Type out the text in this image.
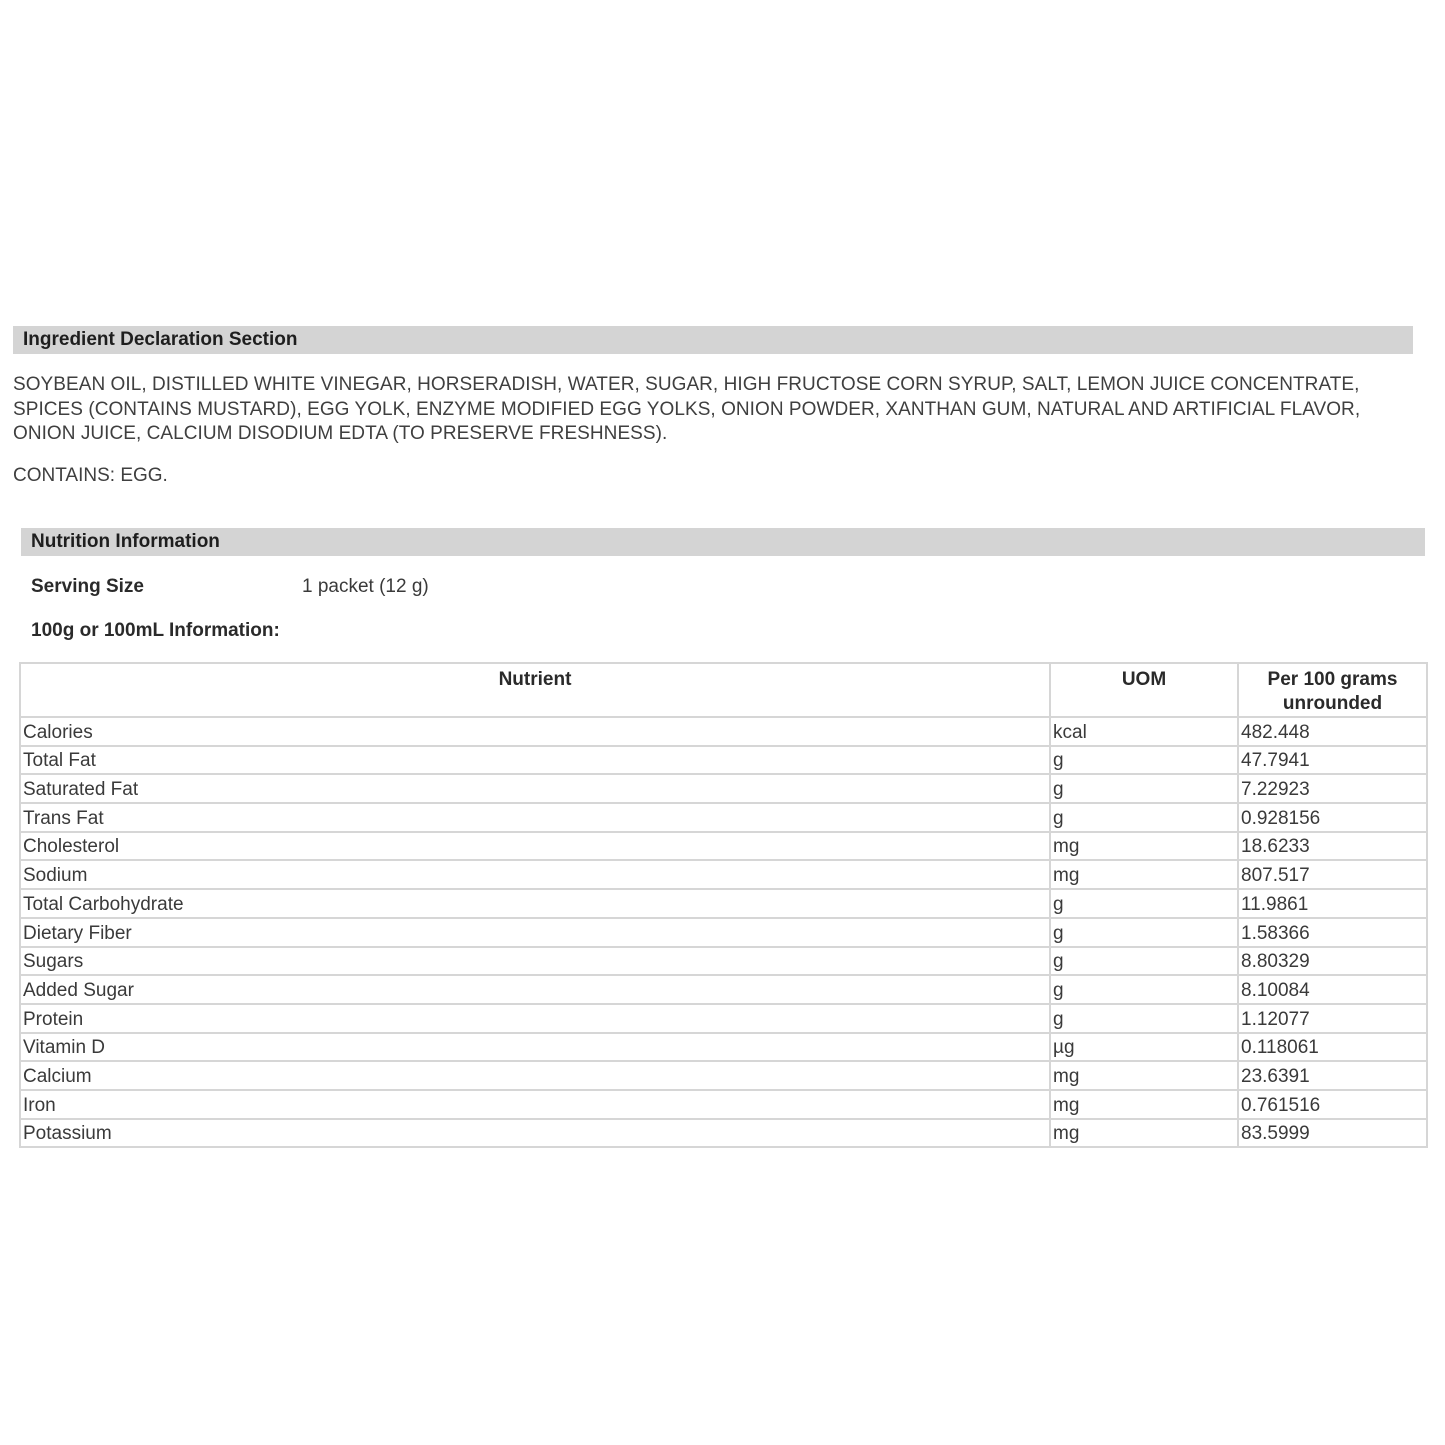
Ingredient Declaration Section
SOYBEAN OIL, DISTILLED WHITE VINEGAR, HORSERADISH, WATER, SUGAR, HIGH FRUCTOSE CORN SYRUP, SALT, LEMON JUICE CONCENTRATE, SPICES (CONTAINS MUSTARD), EGG YOLK, ENZYME MODIFIED EGG YOLKS, ONION POWDER, XANTHAN GUM, NATURAL AND ARTIFICIAL FLAVOR, ONION JUICE, CALCIUM DISODIUM EDTA (TO PRESERVE FRESHNESS).
CONTAINS: EGG.
Nutrition Information
Serving Size	1 packet (12 g)
100g or 100mL Information:
Nutrient	UOM	Per 100 grams
unrounded
Calories	kcal	482.448
Total Fat	g	47.7941
Saturated Fat	g	7.22923
Trans Fat	g	0.928156
Cholesterol	mg	18.6233
Sodium	mg	807.517
Total Carbohydrate	g	11.9861
Dietary Fiber	g	1.58366
Sugars	g	8.80329
Added Sugar	g	8.10084
Protein	g	1.12077
Vitamin D	µg	0.118061
Calcium	mg	23.6391
Iron	mg	0.761516
Potassium	mg	83.5999
